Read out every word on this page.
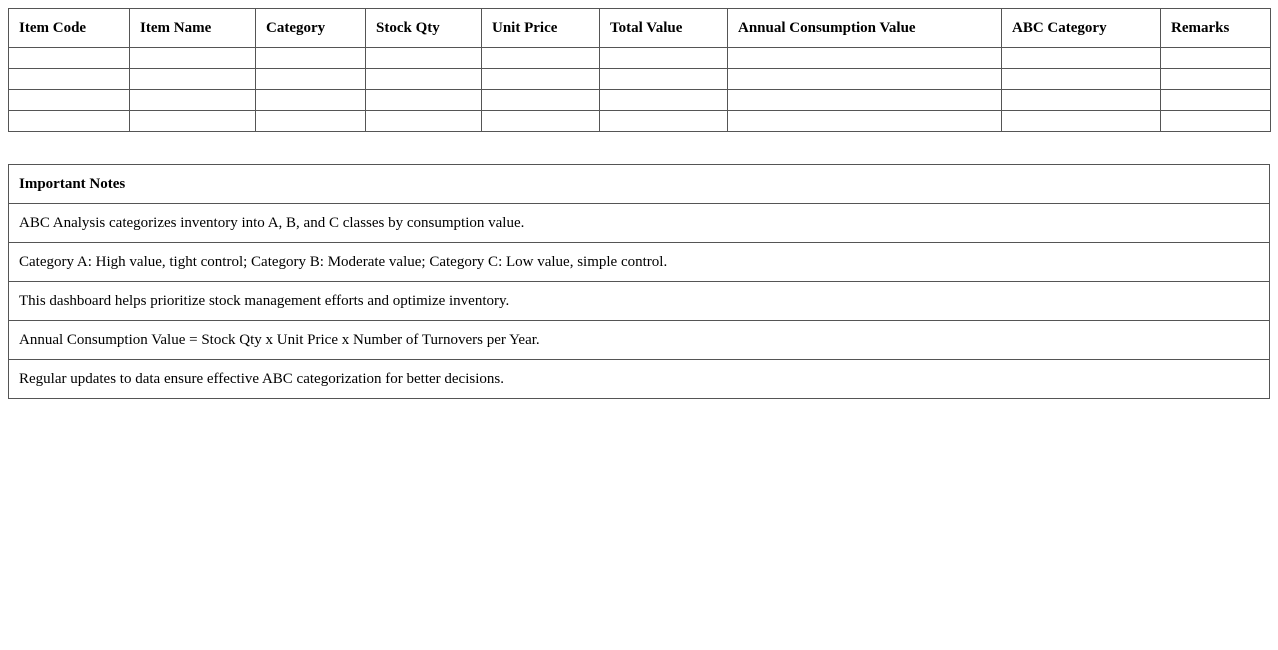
Item Code	Item Name	Category	Stock Qty	Unit Price	Total Value	Annual Consumption Value	ABC Category	Remarks

Important Notes
ABC Analysis categorizes inventory into A, B, and C classes by consumption value.
Category A: High value, tight control; Category B: Moderate value; Category C: Low value, simple control.
This dashboard helps prioritize stock management efforts and optimize inventory.
Annual Consumption Value = Stock Qty x Unit Price x Number of Turnovers per Year.
Regular updates to data ensure effective ABC categorization for better decisions.
